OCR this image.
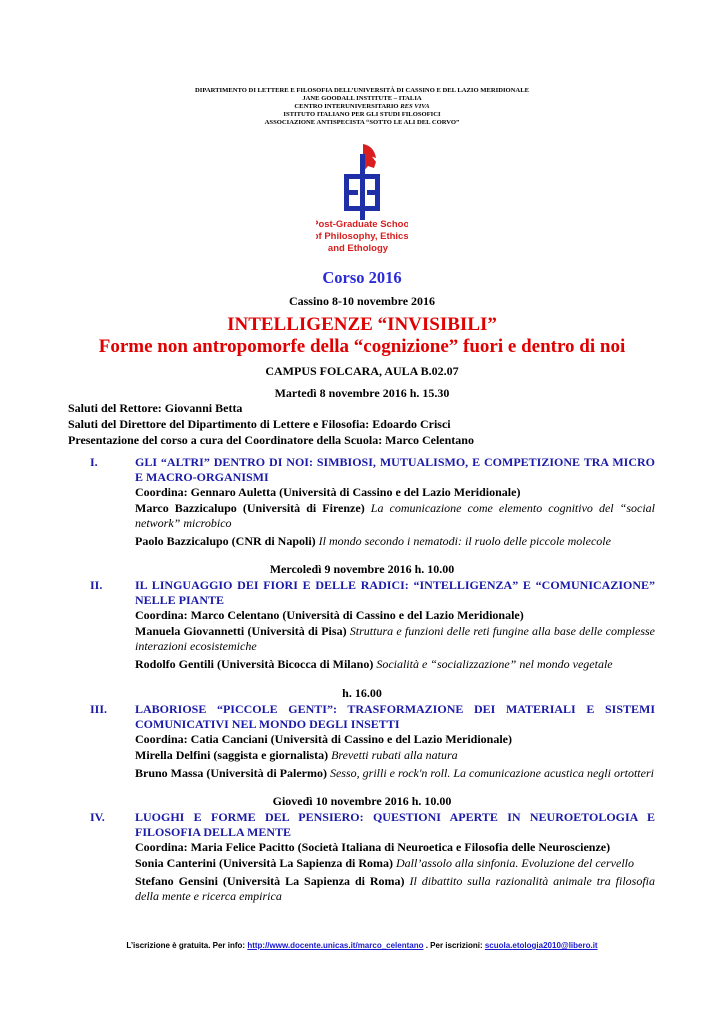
DIPARTIMENTO DI LETTERE E FILOSOFIA DELL’UNIVERSITÀ DI CASSINO E DEL LAZIO MERIDIONALE
JANE GOODALL INSTITUTE – ITALIA
CENTRO INTERUNIVERSITARIO RES VIVA
ISTITUTO ITALIANO PER GLI STUDI FILOSOFICI
ASSOCIAZIONE ANTISPECISTA “SOTTO LE ALI DEL CORVO”
Post-Graduate School
of Philosophy, Ethics,
and Ethology
Corso 2016
Cassino 8-10 novembre 2016
INTELLIGENZE “INVISIBILI”
Forme non antropomorfe della “cognizione” fuori e dentro di noi
CAMPUS FOLCARA, AULA B.02.07
Martedì 8 novembre 2016 h. 15.30
Saluti del Rettore: Giovanni Betta
Saluti del Direttore del Dipartimento di Lettere e Filosofia: Edoardo Crisci
Presentazione del corso a cura del Coordinatore della Scuola: Marco Celentano
I.	GLI “ALTRI” DENTRO DI NOI: SIMBIOSI, MUTUALISMO, E COMPETIZIONE TRA MICRO E MACRO-ORGANISMI
Coordina: Gennaro Auletta (Università di Cassino e del Lazio Meridionale)
Marco Bazzicalupo (Università di Firenze) La comunicazione come elemento cognitivo del “social network” microbico
Paolo Bazzicalupo (CNR di Napoli) Il mondo secondo i nematodi: il ruolo delle piccole molecole
Mercoledì 9 novembre 2016 h. 10.00
II.	IL LINGUAGGIO DEI FIORI E DELLE RADICI: “INTELLIGENZA” E “COMUNICAZIONE” NELLE PIANTE
Coordina: Marco Celentano (Università di Cassino e del Lazio Meridionale)
Manuela Giovannetti (Università di Pisa) Struttura e funzioni delle reti fungine alla base delle complesse interazioni ecosistemiche
Rodolfo Gentili (Università Bicocca di Milano) Socialità e “socializzazione” nel mondo vegetale
h. 16.00
III. LABORIOSE “PICCOLE GENTI”: TRASFORMAZIONE DEI MATERIALI E SISTEMI COMUNICATIVI NEL MONDO DEGLI INSETTI
Coordina: Catia Canciani (Università di Cassino e del Lazio Meridionale)
Mirella Delfini (saggista e giornalista) Brevetti rubati alla natura
Bruno Massa (Università di Palermo) Sesso, grilli e rock'n roll. La comunicazione acustica negli ortotteri
Giovedì 10 novembre 2016 h. 10.00
IV.	LUOGHI E FORME DEL PENSIERO: QUESTIONI APERTE IN NEUROETOLOGIA E FILOSOFIA DELLA MENTE
Coordina: Maria Felice Pacitto (Società Italiana di Neuroetica e Filosofia delle Neuroscienze)
Sonia Canterini (Università La Sapienza di Roma) Dall’assolo alla sinfonia. Evoluzione del cervello
Stefano Gensini (Università La Sapienza di Roma) Il dibattito sulla razionalità animale tra filosofia della mente e ricerca empirica
L’iscrizione è gratuita. Per info: http://www.docente.unicas.it/marco_celentano . Per iscrizioni: scuola.etologia2010@libero.it
